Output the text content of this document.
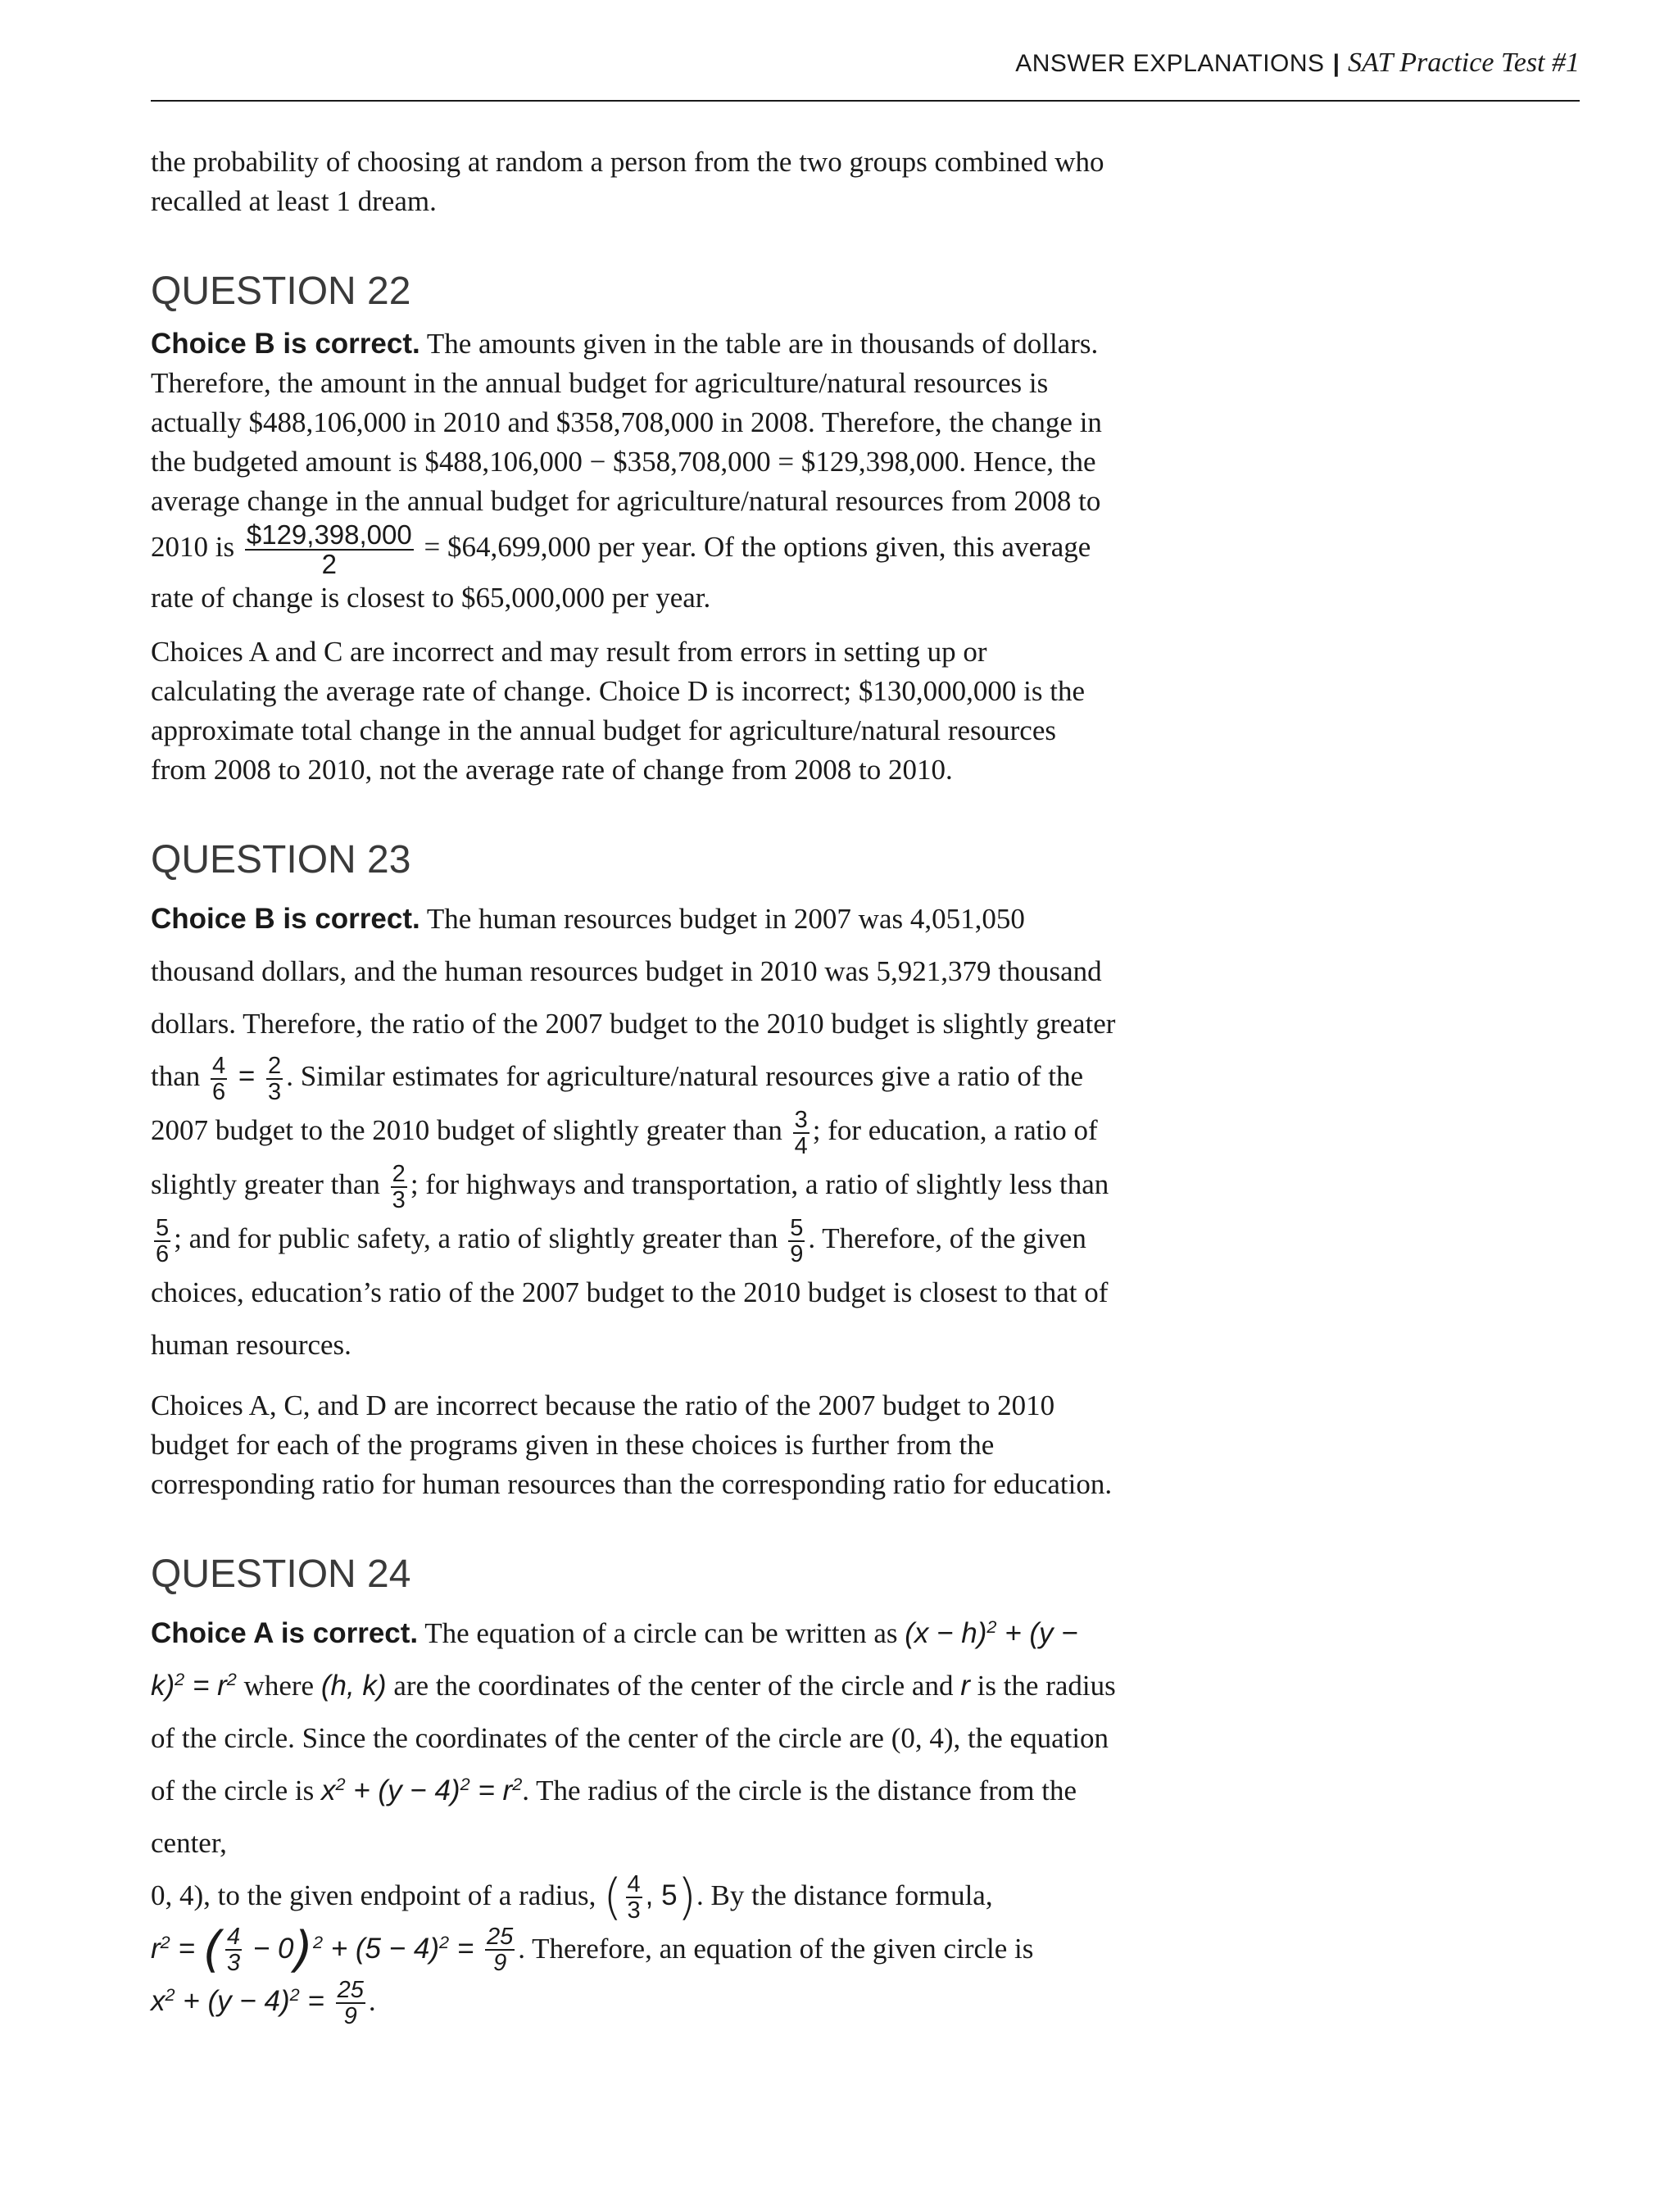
ANSWER EXPLANATIONS | SAT Practice Test #1

the probability of choosing at random a person from the two groups combined who recalled at least 1 dream.

QUESTION 22

Choice B is correct. The amounts given in the table are in thousands of dollars. Therefore, the amount in the annual budget for agriculture/natural resources is actually $488,106,000 in 2010 and $358,708,000 in 2008. Therefore, the change in the budgeted amount is $488,106,000 − $358,708,000 = $129,398,000. Hence, the average change in the annual budget for agriculture/natural resources from 2008 to 2010 is $\frac{\$129,398,000}{2}$ = $64,699,000 per year. Of the options given, this average rate of change is closest to $65,000,000 per year.

Choices A and C are incorrect and may result from errors in setting up or calculating the average rate of change. Choice D is incorrect; $130,000,000 is the approximate total change in the annual budget for agriculture/natural resources from 2008 to 2010, not the average rate of change from 2008 to 2010.

QUESTION 23

Choice B is correct. The human resources budget in 2007 was 4,051,050 thousand dollars, and the human resources budget in 2010 was 5,921,379 thousand dollars. Therefore, the ratio of the 2007 budget to the 2010 budget is slightly greater than $\frac{4}{6} = \frac{2}{3}$ . Similar estimates for agriculture/natural resources give a ratio of the 2007 budget to the 2010 budget of slightly greater than $\frac{3}{4}$ ; for education, a ratio of slightly greater than $\frac{2}{3}$ ; for highways and transportation, a ratio of slightly less than
$\frac{5}{6}$ ; and for public safety, a ratio of slightly greater than $\frac{5}{9}$ . Therefore, of the given choices, education’s ratio of the 2007 budget to the 2010 budget is closest to that of human resources.

Choices A, C, and D are incorrect because the ratio of the 2007 budget to 2010 budget for each of the programs given in these choices is further from the corresponding ratio for human resources than the corresponding ratio for education.

QUESTION 24

Choice A is correct. The equation of a circle can be written as $(x - h)^2 + (y - k)^2 = r^2$ where (h, k) are the coordinates of the center of the circle and r is the radius of the circle. Since the coordinates of the center of the circle are (0, 4), the equation of the circle is $x^2 + (y - 4)^2 = r^2$. The radius of the circle is the distance from the center,
0, 4), to the given endpoint of a radius, ( $\frac{4}{3}$ , 5). By the distance formula,
$r^2$ = ( $\frac{4}{3} - 0)^2 + (5 - 4)^2 = \frac{25}{9}$ . Therefore, an equation of the given circle is
$x^2 + (y - 4)^2 = \frac{25}{9}$ .
